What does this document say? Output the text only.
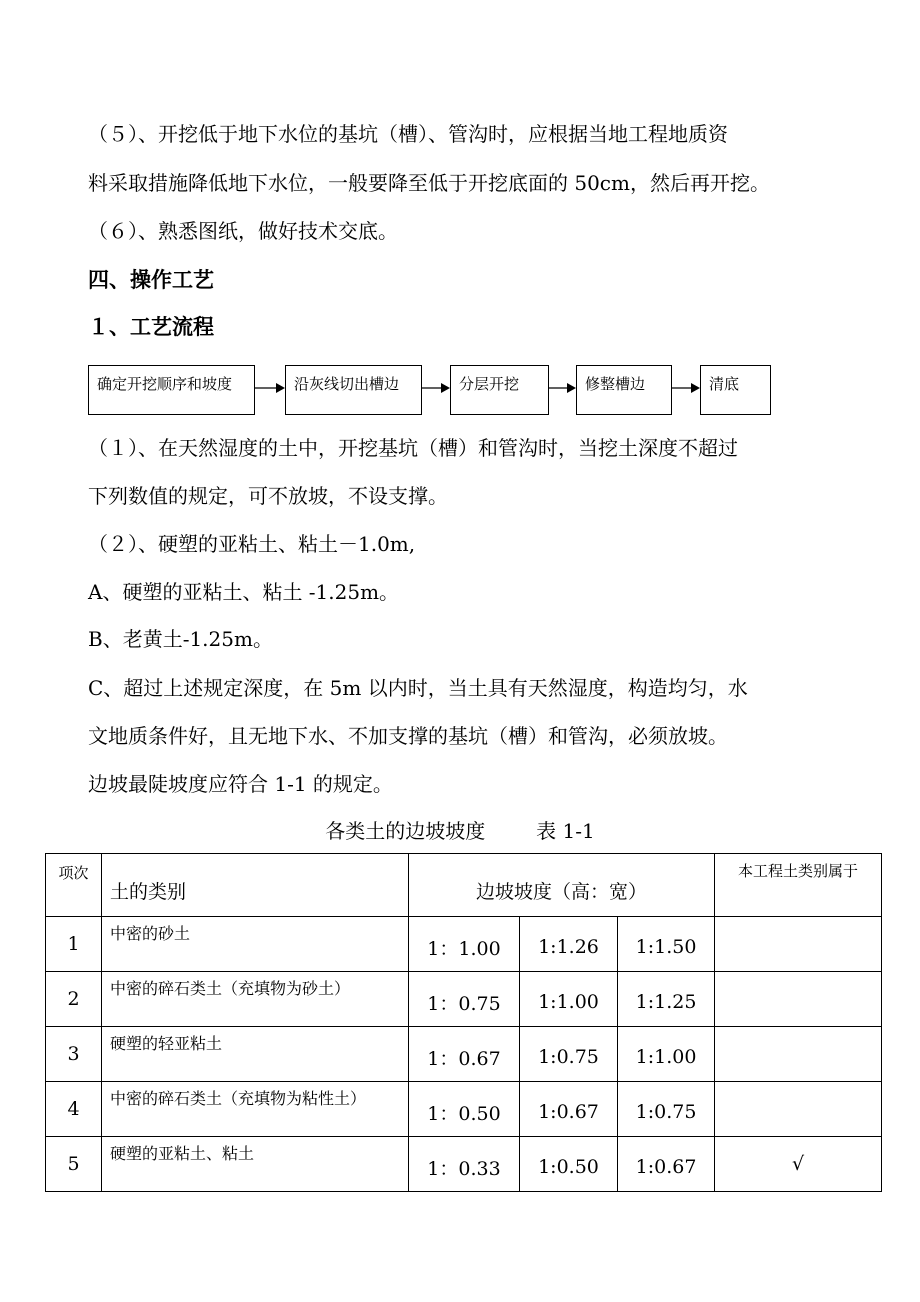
（５）、开挖低于地下水位的基坑（槽）、管沟时，应根据当地工程地质资
料采取措施降低地下水位，一般要降至低于开挖底面的 50cm，然后再开挖。
（６）、熟悉图纸，做好技术交底。
四、操作工艺
１、工艺流程
确定开挖顺序和坡度	沿灰线切出槽边	分层开挖	修整槽边	清底
（１）、在天然湿度的土中，开挖基坑（槽）和管沟时，当挖土深度不超过
下列数值的规定，可不放坡，不设支撑。
（２）、硬塑的亚粘土、粘土－1.0m,
A、硬塑的亚粘土、粘土 -1.25m。
B、老黄土-1.25m。
C、超过上述规定深度，在 5m 以内时，当土具有天然湿度，构造均匀，水
文地质条件好，且无地下水、不加支撑的基坑（槽）和管沟，必须放坡。
边坡最陡坡度应符合 1-1 的规定。
各类土的边坡坡度        表 1-1
项次	土的类别	边坡坡度（高：宽）			本工程土类别属于
1	中密的砂土	1：1.00	1:1.26	1:1.50	
2	中密的碎石类土（充填物为砂土）	1：0.75	1:1.00	1:1.25	
3	硬塑的轻亚粘土	1：0.67	1:0.75	1:1.00	
4	中密的碎石类土（充填物为粘性土）	1：0.50	1:0.67	1:0.75	
5	硬塑的亚粘土、粘土	1：0.33	1:0.50	1:0.67	√
